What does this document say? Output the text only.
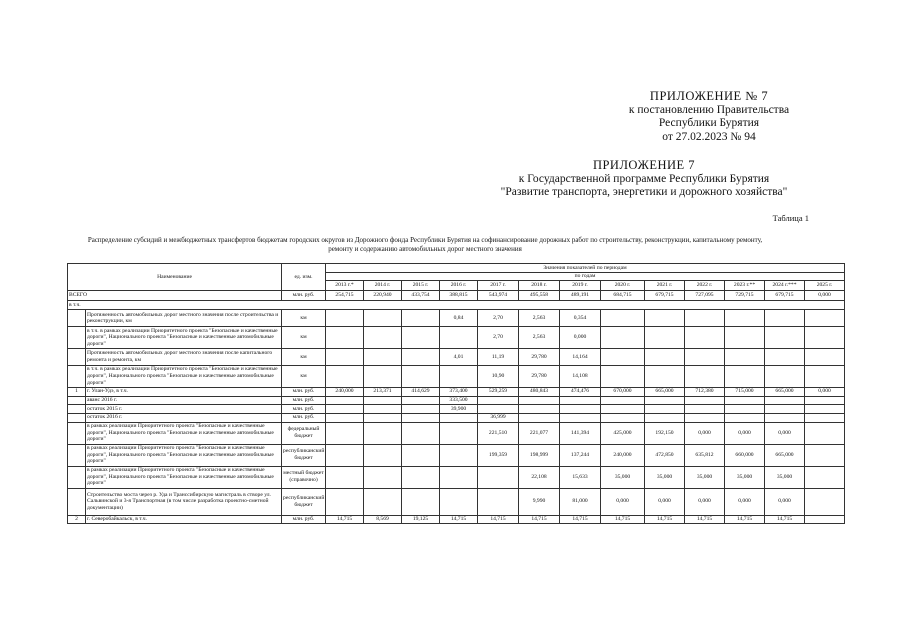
ПРИЛОЖЕНИЕ № 7
к постановлению Правительства
Республики Бурятия
от 27.02.2023 № 94
ПРИЛОЖЕНИЕ 7
к Государственной программе Республики Бурятия
"Развитие транспорта, энергетики и дорожного хозяйства"
Таблица 1
Распределение субсидий и межбюджетных трансфертов бюджетам городских округов из Дорожного фонда Республики Бурятия на софинансирование дорожных работ по строительству, реконструкции, капитальному ремонту, ремонту и содержанию автомобильных дорог местного значения
Наименование		ед. изм.	Значения показателей по периодам												
			по годам												
			2013 г.*	2014 г.	2015 г.	2016 г.	2017 г.	2018 г.	2019 г.	2020 г.	2021 г.	2022 г.	2023 г.**	2024 г.***	2025 г.
ВСЕГО		млн. руб.	254,715	220,940	433,754	388,815	543,974	495,558	489,191	684,715	679,715	727,095	729,715	679,715	0,000
в т.ч.															
	Протяженность автомобильных дорог местного значения после строительства и реконструкции, км	км				0,84	2,70	2,563	0,354						
	в т.ч. в рамках реализации Приоритетного проекта "Безопасные и качественные дороги", Национального проекта "Безопасные и качественные автомобильные дороги"	км					2,70	2,563	0,000						
	Протяженность автомобильных дорог местного значения после капитального ремонта и ремонта, км	км				4,01	11,19	29,780	14,164						
	в т.ч. в рамках реализации Приоритетного проекта "Безопасные и качественные дороги", Национального проекта "Безопасные и качественные автомобильные дороги"	км					10,90	29,780	14,108						
1	г. Улан-Удэ, в т.ч.	млн. руб.	240,000	213,371	414,629	373,400	529,259	480,843	474,476	670,000	665,000	712,380	715,000	665,000	0,000
	аванс 2016 г.	млн. руб.				333,500									
	остаток 2015 г.	млн. руб.				39,900									
	остаток 2016 г.	млн. руб.					36,999								
	в рамках реализации Приоритетного проекта "Безопасные и качественные дороги", Национального проекта "Безопасные и качественные автомобильные дороги"	федеральный бюджет					221,510	221,077	141,394	425,000	192,150	0,000	0,000	0,000	
	в рамках реализации Приоритетного проекта "Безопасные и качественные дороги", Национального проекта "Безопасные и качественные автомобильные дороги"	республиканский бюджет					199,359	198,999	137,244	240,000	472,850	635,812	660,000	665,000	
	в рамках реализации Приоритетного проекта "Безопасные и качественные дороги", Национального проекта "Безопасные и качественные автомобильные дороги"	местный бюджет (справочно)						22,108	15,633	35,000	35,000	35,000	35,000	35,000	
	Строительство моста через р. Уда и Транссибирскую магистраль в створе ул. Сальвинской и 3-я Транспортная (в том числе разработка проектно-сметной документации)	республиканский бюджет						9,990	81,000	0,000	0,000	0,000	0,000	0,000	
2	г. Северобайкальск, в т.ч.	млн. руб.	14,715	8,569	19,125	14,715	14,715	14,715	14,715	14,715	14,715	14,715	14,715	14,715	
